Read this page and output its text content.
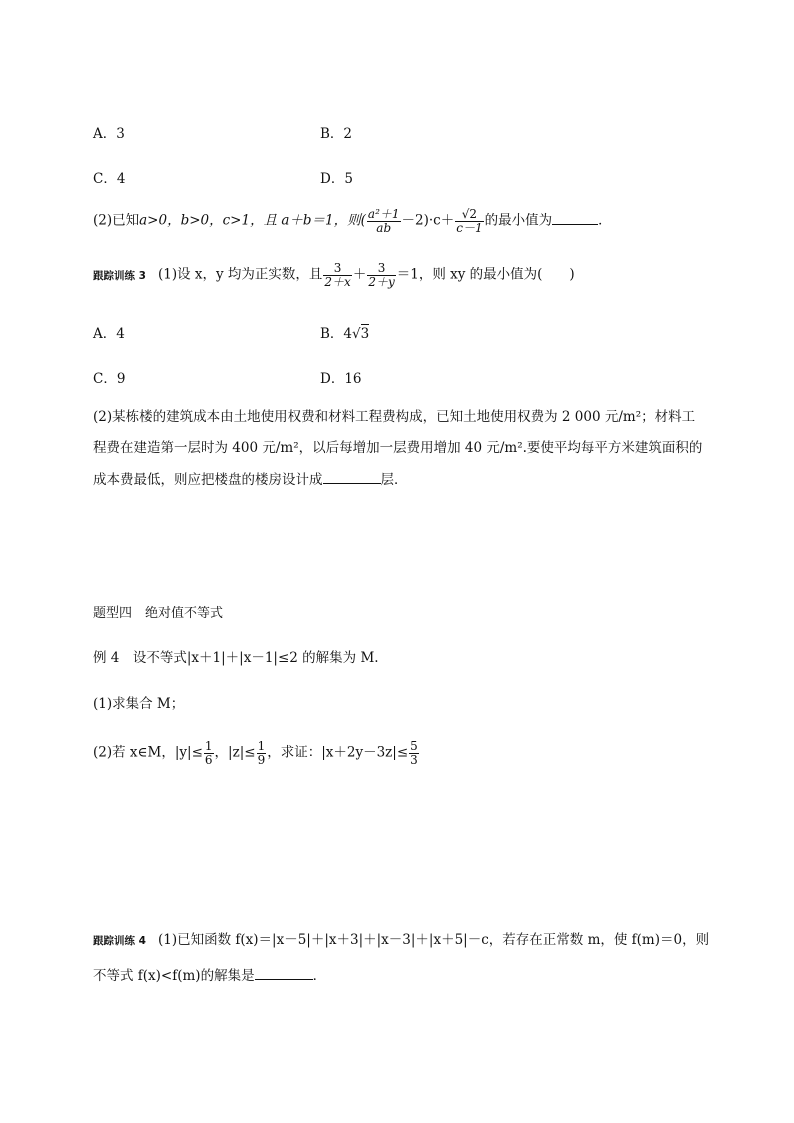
A．3	B．2
C．4	D．5
(2)已知a>0，b>0，c>1，且 a＋b＝1，则( $\frac{\text{a²＋1}}{ab} -2)\cdot c+ \frac{√2}{c-1}$ 的最小值为	．
跟踪训练 3 (1)设 x，y 均为正实数，且 $\frac{3}{2+x} + \frac{3}{2+y} =1$，则 xy 的最小值为(　　)
A．4	B．4√3
C．9	D．16
(2)某栋楼的建筑成本由土地使用权费和材料工程费构成，已知土地使用权费为 2 000 元/m²；材料工
程费在建造第一层时为 400 元/m²，以后每增加一层费用增加 40 元/m².要使平均每平方米建筑面积的
成本费最低，则应把楼盘的楼房设计成	层．
题型四　绝对值不等式
例 4　设不等式|x＋1|＋|x－1|≤2 的解集为 M.
(1)求集合 M；
(2)若 x∈M，$|y|\le \frac{1}{6}$ ，$|z|\le \frac{1}{9}$ ，求证：$|x+2y-3z|\le \frac{5}{3}$
跟踪训练 4 (1)已知函数 f(x)＝|x－5|＋|x＋3|＋|x－3|＋|x＋5|－c，若存在正常数 m，使 f(m)＝0，则
不等式 f(x)<f(m)的解集是	．
